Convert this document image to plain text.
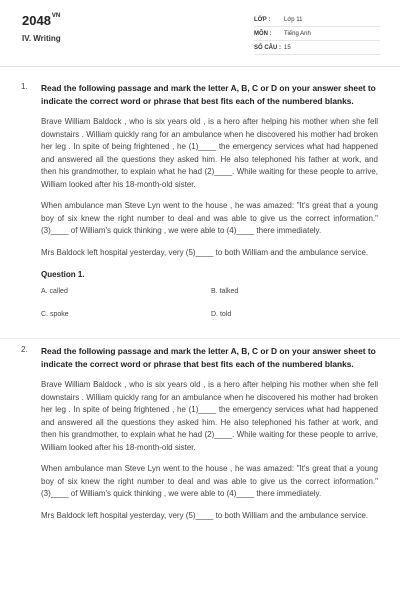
$2048^{VN}$
IV. Writing
LỚP : Lớp 11
MÔN : Tiếng Anh
SỐ CÂU : 15
1. Read the following passage and mark the letter A, B, C or D on your answer sheet to indicate the correct word or phrase that best fits each of the numbered blanks.
Brave William Baldock , who is six years old , is a hero after helping his mother when she fell downstairs . William quickly rang for an ambulance when he discovered his mother had broken her leg . In spite of being frightened , he (1)____ the emergency services what had happened and answered all the questions they asked him. He also telephoned his father at work, and then his grandmother, to explain what he had (2)____. While waiting for these people to arrive, William looked after his 18-month-old sister.
When ambulance man Steve Lyn went to the house , he was amazed: "It's great that a young boy of six knew the right number to deal and was able to give us the correct information." (3)____ of William's quick thinking , we were able to (4)____ there immediately.
Mrs Baldock left hospital yesterday, very (5)____ to both William and the ambulance service.
Question 1.
A. called	B. talked
C. spoke	D. told
2. Read the following passage and mark the letter A, B, C or D on your answer sheet to indicate the correct word or phrase that best fits each of the numbered blanks.
Brave William Baldock , who is six years old , is a hero after helping his mother when she fell downstairs . William quickly rang for an ambulance when he discovered his mother had broken her leg . In spite of being frightened , he (1)____ the emergency services what had happened and answered all the questions they asked him. He also telephoned his father at work, and then his grandmother, to explain what he had (2)____. While waiting for these people to arrive, William looked after his 18-month-old sister.
When ambulance man Steve Lyn went to the house , he was amazed: "It's great that a young boy of six knew the right number to deal and was able to give us the correct information." (3)____ of William's quick thinking , we were able to (4)____ there immediately.
Mrs Baldock left hospital yesterday, very (5)____ to both William and the ambulance service.
